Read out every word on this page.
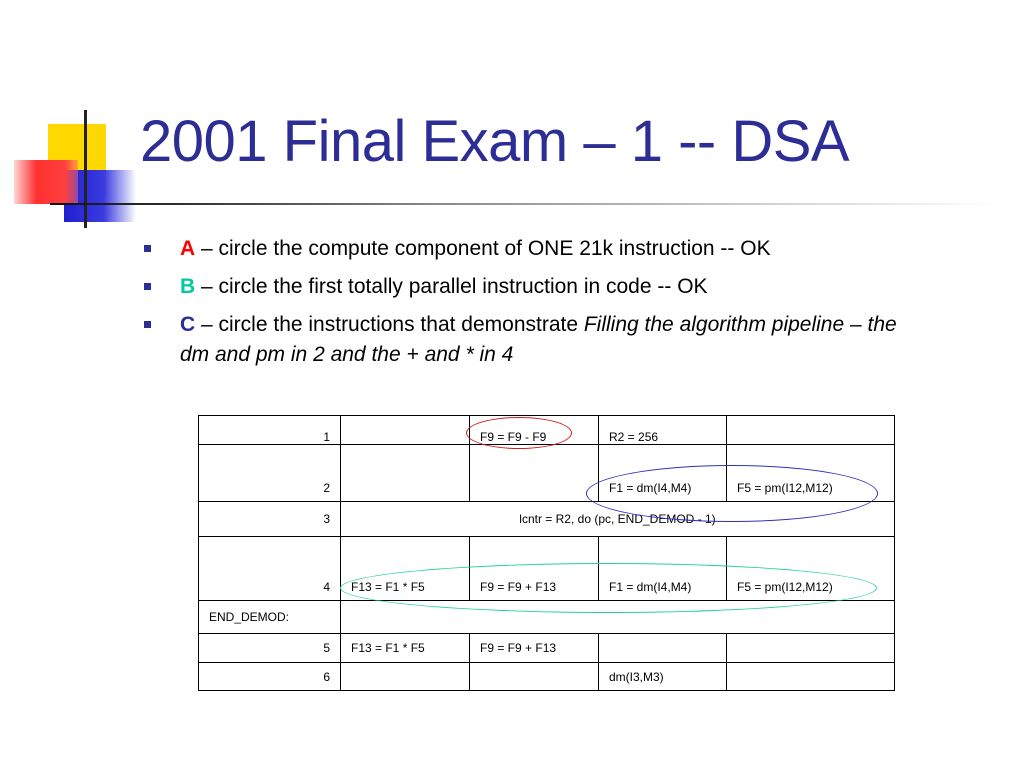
2001 Final Exam – 1 -- DSA
A – circle the compute component of ONE 21k instruction -- OK
B – circle the first totally parallel instruction in code -- OK
C – circle the instructions that demonstrate Filling the algorithm pipeline – the dm and pm in 2 and the + and * in 4
1		F9 = F9 - F9	R2 = 256	
2			F1 = dm(I4,M4)	F5 = pm(I12,M12)
3	lcntr = R2, do (pc, END_DEMOD - 1)			
4	F13 = F1 * F5	F9 = F9 + F13	F1 = dm(I4,M4)	F5 = pm(I12,M12)
END_DEMOD:				
5	F13 = F1 * F5	F9 = F9 + F13		
6			dm(I3,M3)	
